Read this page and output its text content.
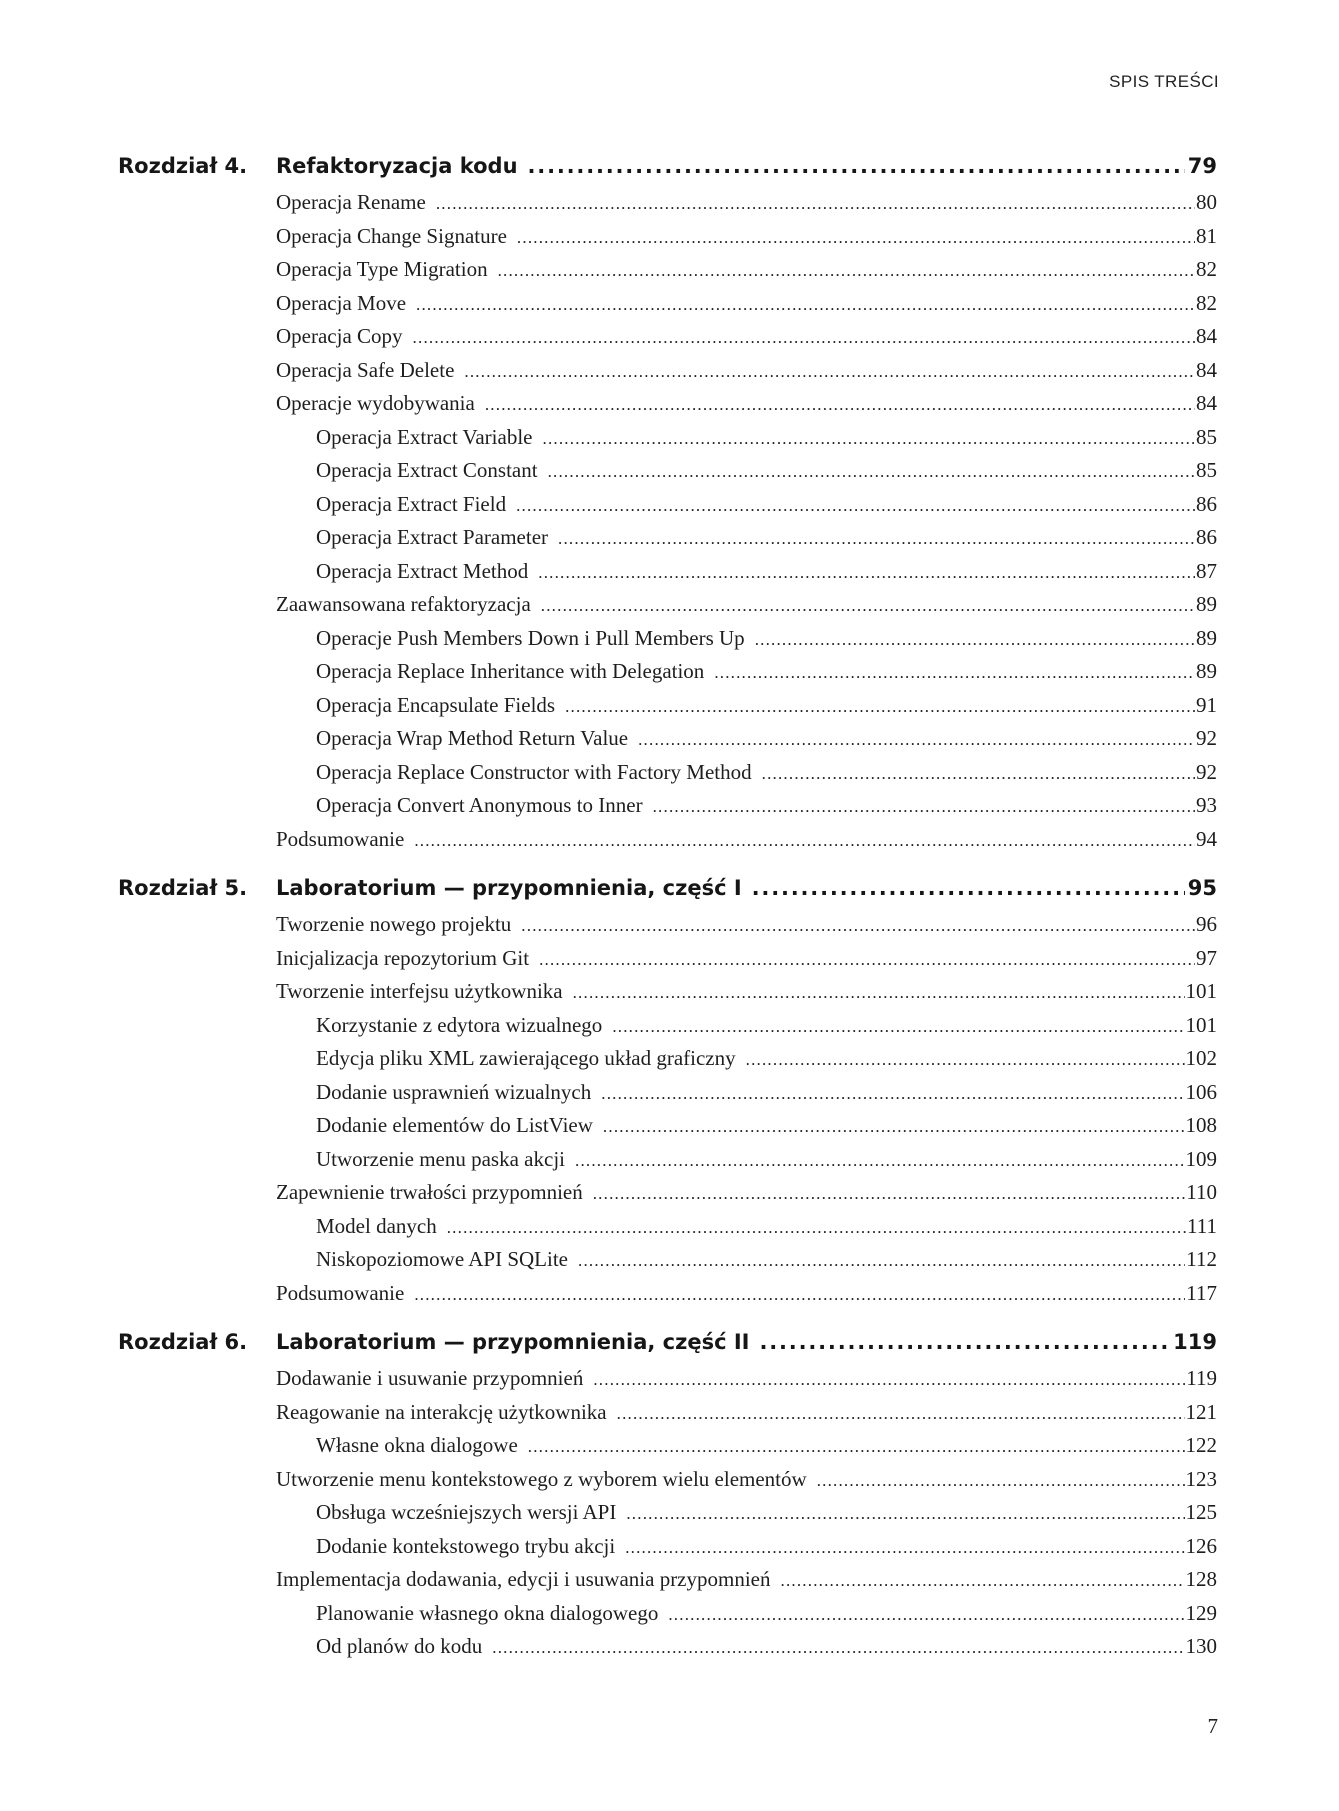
SPIS TREŚCI
Rozdział 4. Refaktoryzacja kodu .....	79
Operacja Rename .....	80
Operacja Change Signature .....	81
Operacja Type Migration .....	82
Operacja Move .....	82
Operacja Copy .....	84
Operacja Safe Delete .....	84
Operacje wydobywania .....	84
Operacja Extract Variable .....	85
Operacja Extract Constant .....	85
Operacja Extract Field .....	86
Operacja Extract Parameter .....	86
Operacja Extract Method .....	87
Zaawansowana refaktoryzacja .....	89
Operacje Push Members Down i Pull Members Up .....	89
Operacja Replace Inheritance with Delegation .....	89
Operacja Encapsulate Fields .....	91
Operacja Wrap Method Return Value .....	92
Operacja Replace Constructor with Factory Method .....	92
Operacja Convert Anonymous to Inner .....	93
Podsumowanie .....	94
Rozdział 5. Laboratorium — przypomnienia, część I .....	95
Tworzenie nowego projektu .....	96
Inicjalizacja repozytorium Git .....	97
Tworzenie interfejsu użytkownika .....	101
Korzystanie z edytora wizualnego .....	101
Edycja pliku XML zawierającego układ graficzny .....	102
Dodanie usprawnień wizualnych .....	106
Dodanie elementów do ListView .....	108
Utworzenie menu paska akcji .....	109
Zapewnienie trwałości przypomnień .....	110
Model danych .....	111
Niskopoziomowe API SQLite .....	112
Podsumowanie .....	117
Rozdział 6. Laboratorium — przypomnienia, część II .....	119
Dodawanie i usuwanie przypomnień .....	119
Reagowanie na interakcję użytkownika .....	121
Własne okna dialogowe .....	122
Utworzenie menu kontekstowego z wyborem wielu elementów .....	123
Obsługa wcześniejszych wersji API .....	125
Dodanie kontekstowego trybu akcji .....	126
Implementacja dodawania, edycji i usuwania przypomnień .....	128
Planowanie własnego okna dialogowego .....	129
Od planów do kodu .....	130
7
